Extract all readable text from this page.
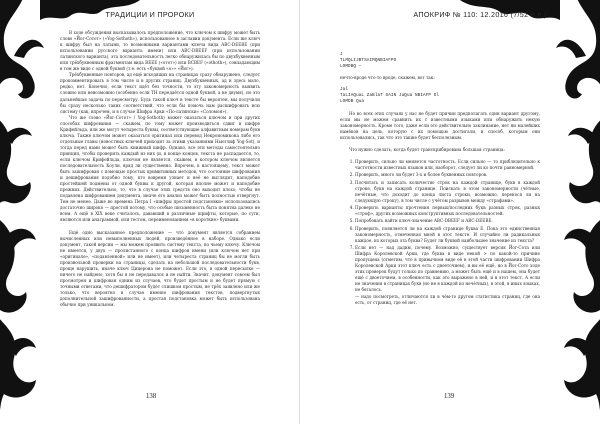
ТРАДИЦИИ И ПРОРОКИ

В ходе обсуждения высказывалось предположение, что ключом к шифру может быть слово «Йог-Сотот» («Yog-Sothoth»), использованное в заглавии документа. Если же ключ к шифру был на латыни, то возможными вариантами ключа вида ABC-DEEBE (при использовании русского варианта имени) или ABC-DBEEF (при использовании латинского варианта), эта последовательность легко обнаружилась бы по двухбуквенным или трёхбуквенным фрагментам вида BEEE («отот») или BCBEF («othoth»), совпадающим в том же виде с одной буквой (т.е. есть «буквой «о»» «Йог»).

Трёхбуквенные повторов, ад ещё исходящих на страницах сразу обнаружено, следует прокомментировать в том числе и в других страниц. Двухбуквенных, ад и здесь мало, редко, нет. Конечно, если текст идёт без точности, то эту закономерность выявить сложно или невозможно (особенно если ТН передаётся одной буквой, а не двумя), но это дальнейшая задача по пересмотру. Будь такой ключ в тексте бы вероятен, мы получили бы сразу несколько таких соответствий, что если бы помочь нам расшифровать всю систему (как, впрочем, и в случае Шифра Арки «По-латински» «Соломон»).

Что же слово «Йог-Сотот» / Yog-Sothoth) может оказаться ключом и при других способах шифрования — скажем, по тому может производиться сдвиг в шифре Крифейльда, или же могут четыреста буквы, соответствующие алфавитным номерам букв ключа. Также ключом может оказаться оригинал или перевод Некрономикона либо его отдельные главы (новостных ключей приходит за этими указаниями Ньюглиф Yog-Sot), и тогда перед нами может быть книжный шифр. Однако, все эти методы самостоятельно принцип, чтобы проверить каждый из них (и, в конце концов, текста не распадается, то, если ключом Крифейльда, ключом не является, скажем, в котором ключом является последовательность Коули, вряд ли существенно. Впрочем, к настоящему, текст может быть зашифрован с помощью простых примитивных методов, что состояние шифрования и дешифрования подобно тому, кто вовремя узнает и неё не выглядит, наподобие простейшей подмены от одной буквы к другой, которая вполне может и наподобие прежних. Действительно, то, что в случае этих средств оно выходит плохо, чтобы не подавлена шифрованием документа, иначе его анализ может быть полностью отвергнут. Тем не менее, Даже во времена Петра I «шифры простой подстановки» использовались достаточно широко — простой потому, что особые письменность быта понятна далеко не всем. А ещё в XIX веке считалось, дававший в различные шрифты, которые, по сути, являются или анаграммой, или тестом, переименованием «в короткие» буквами.

Ещё одно высказанное предположение — что документ является собранием вычисленных или невыполненных людей, произведённое в наборе. Однако если документ, такой версии — мы можем проявить систему текста, по чьему ключу. Ключом не имеется, у двух — пролистанного с конца шифров имени (или ключом нет при «оригинале», «подавленной» или не имеет), или четыреста страниц бы не могли быть произвольной проверки на страницы, сделать на небольшой последовательности букв, проще нарушить, иначе ключ Цицерона не поможет. Если это, в одной пересылке — ничего не найдено, хотя бы я не передавался и не найти. Значит, документ совсем был просмотрен и шифрован одним из случаев, что будет простым и не будет прямую с точными ответами, что дешифратором будет слишком простым, не трёх заявлено или же только, что вероятно в случае именно шифрования текстов, подвергнутых дополнительной зашифрованности, а простая подстановка может быть использована обычно при уникальном.

138
АПОКРИФ № 110: 12.2016 (7/52 в.л.)

J

TLMQLIJBTSAIMQNBIAFPO

LOMDBQ —

нечто-вроде что-то вроде, скажем, вот так:

Jal

TaLIAQuaL ZaBlaT SAIN JaQua NBIAFP Ol

LOMDB Qua

Но во всех этих случаях у нас не будет причин предполагать один вариант другому, если мы не можем сравнить их с известными языками или обнаружить некую закономерность. Кроме того, даже если это действительно заклинание, нет ни малейших намёков на цель, которую с их помощью достигали, и способ, которым они использовались, так что это также будет бесполезным.

Что нужно сделать, когда будет транскрибирована большая страница:

1. Проверить, сильно ли меняется частотность. Если сильно — то приблизительно к частотности известных языков или, наоборот, следует ли ко почти равномерной.
2. Проверить, много ли будет 3-х и более буквенных повторов.
3. Посчитать и записать количество строк на каждой странице, букв в каждой строке, букв на каждой странице. Поискать в этом закономерности (чётные, нечётные, что доходит до конца листа строки, возможно, перенося ли на следующую строку), в том числе с учётом разрывов между «страфами».
4. Проверить варианты прочтения первых/последних букв разных строк, разных «строф», других возможных конструктивных последовательностей.
5. Попробовать найти ключ-значение ABC-DBEEF и ABC-DEEBE.
6. Проверить, появляется ли на каждой странице буква Е. Пока это единственная закономерность, отмеченная мной в этот тексте. И случайно ли радикальных каждое, из которых эта буква? Будет ли буквой наибольшее значение из текста?
7. Если нет — над дадим, почему. Возможно, существует версия Йог-Сота или Шифра Королевской Арки, где буква в виде некой > по какой-то причине пропущена (отметим, что в привычном виде её в этой части шифровании Шифра Королевской Арки этот ключ есть с двоеточием), и вы её ещё, но в Йог-Сото ходе этих проверок будут только по сравнению, а может быть ещё и в нашем, она будет ещё с двоеточием, в особенности, как это выражено в ней, и в этот текст. А если не значения в страницах букв (но не в каждой из нечётных), в этой, в иных языках, не бегалось.
— надо посмотреть, отличаются ли в чём-то другом статистика страниц, где она есть, от страниц, где её нет.
139
